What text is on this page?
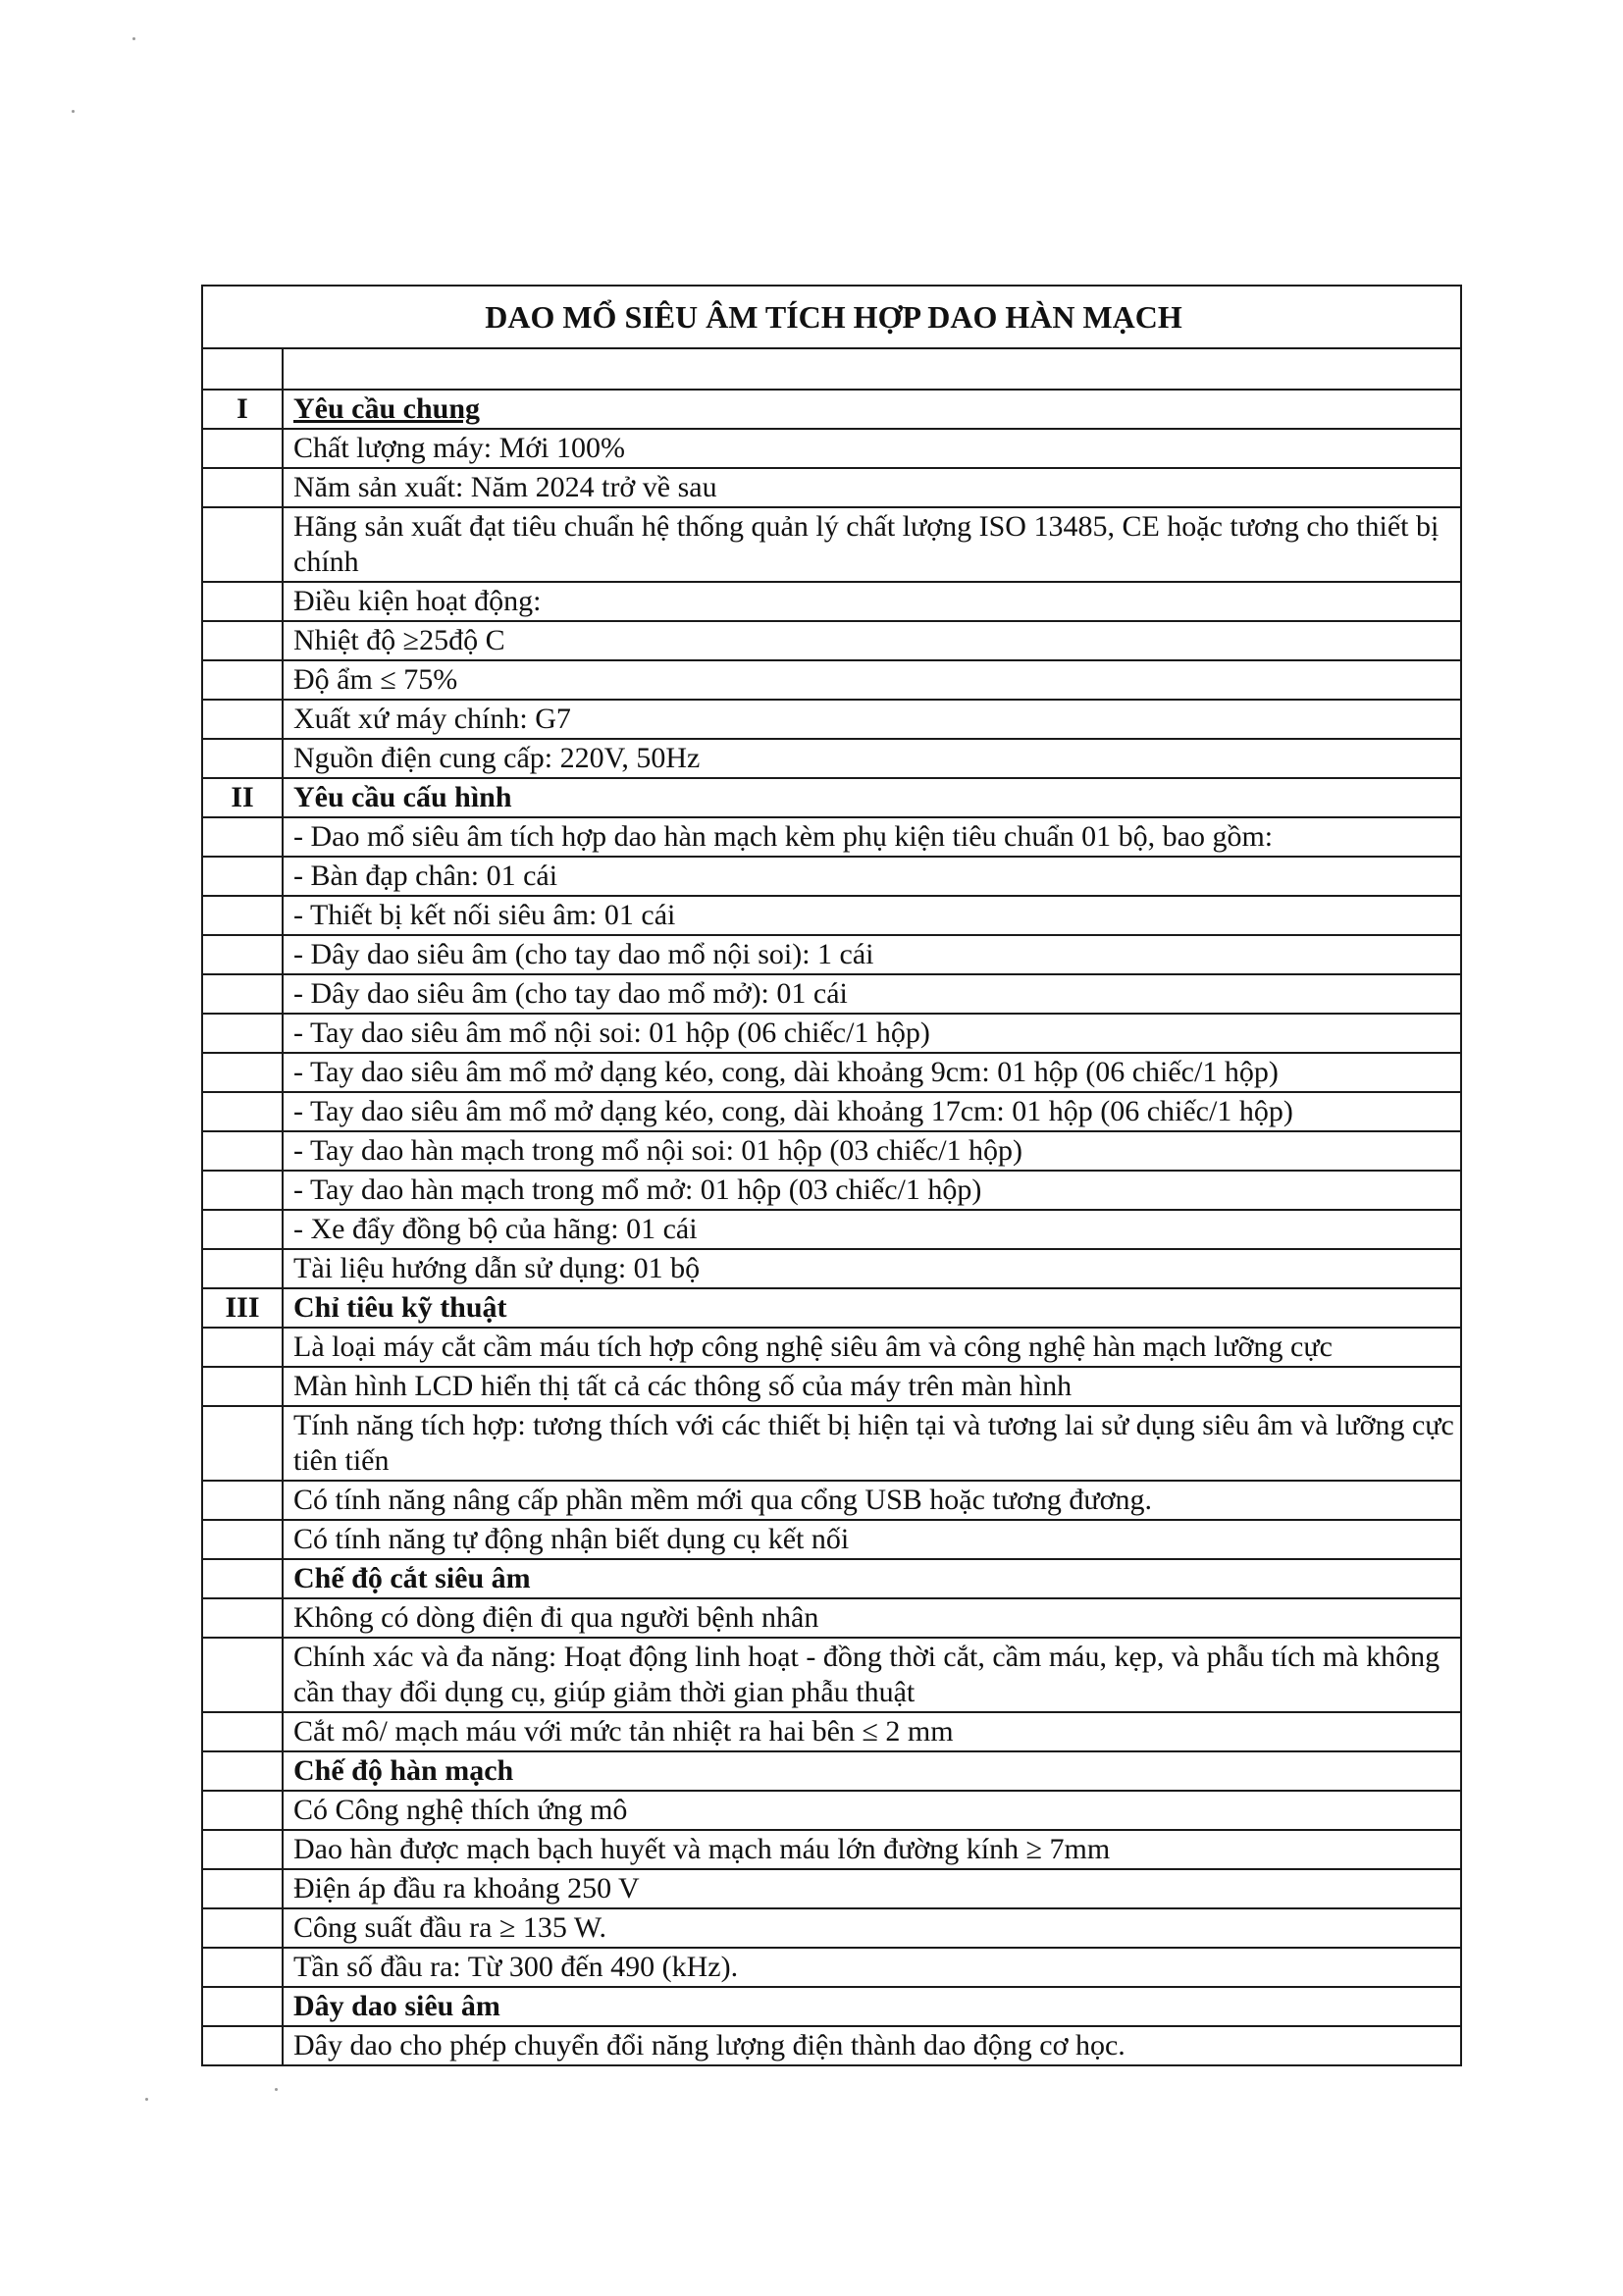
DAO MỔ SIÊU ÂM TÍCH HỢP DAO HÀN MẠCH	

I	Yêu cầu chung
	Chất lượng máy: Mới 100%
	Năm sản xuất: Năm 2024 trở về sau
	Hãng sản xuất đạt tiêu chuẩn hệ thống quản lý chất lượng ISO 13485, CE hoặc tương cho thiết bị chính
	Điều kiện hoạt động:
	Nhiệt độ ≥25độ C
	Độ ẩm ≤ 75%
	Xuất xứ máy chính: G7
	Nguồn điện cung cấp: 220V, 50Hz
II	Yêu cầu cấu hình
	- Dao mổ siêu âm tích hợp dao hàn mạch kèm phụ kiện tiêu chuẩn 01 bộ, bao gồm:
	- Bàn đạp chân: 01 cái
	- Thiết bị kết nối siêu âm: 01 cái
	- Dây dao siêu âm (cho tay dao mổ nội soi): 1 cái
	- Dây dao siêu âm (cho tay dao mổ mở): 01 cái
	- Tay dao siêu âm mổ nội soi: 01 hộp (06 chiếc/1 hộp)
	- Tay dao siêu âm mổ mở dạng kéo, cong, dài khoảng 9cm: 01 hộp (06 chiếc/1 hộp)
	- Tay dao siêu âm mổ mở dạng kéo, cong, dài khoảng 17cm: 01 hộp (06 chiếc/1 hộp)
	- Tay dao hàn mạch trong mổ nội soi: 01 hộp (03 chiếc/1 hộp)
	- Tay dao hàn mạch trong mổ mở: 01 hộp (03 chiếc/1 hộp)
	- Xe đẩy đồng bộ của hãng: 01 cái
	Tài liệu hướng dẫn sử dụng: 01 bộ
III	Chỉ tiêu kỹ thuật
	Là loại máy cắt cầm máu tích hợp công nghệ siêu âm và công nghệ hàn mạch lưỡng cực
	Màn hình LCD hiển thị tất cả các thông số của máy trên màn hình
	Tính năng tích hợp: tương thích với các thiết bị hiện tại và tương lai sử dụng siêu âm và lưỡng cực tiên tiến
	Có tính năng nâng cấp phần mềm mới qua cổng USB hoặc tương đương.
	Có tính năng tự động nhận biết dụng cụ kết nối
	Chế độ cắt siêu âm
	Không có dòng điện đi qua người bệnh nhân
	Chính xác và đa năng: Hoạt động linh hoạt - đồng thời cắt, cầm máu, kẹp, và phẫu tích mà không cần thay đổi dụng cụ, giúp giảm thời gian phẫu thuật
	Cắt mô/ mạch máu với mức tản nhiệt ra hai bên ≤ 2 mm
	Chế độ hàn mạch
	Có Công nghệ thích ứng mô
	Dao hàn được mạch bạch huyết và mạch máu lớn đường kính ≥ 7mm
	Điện áp đầu ra khoảng 250 V
	Công suất đầu ra ≥ 135 W.
	Tần số đầu ra: Từ 300 đến 490 (kHz).
	Dây dao siêu âm
	Dây dao cho phép chuyển đổi năng lượng điện thành dao động cơ học.
